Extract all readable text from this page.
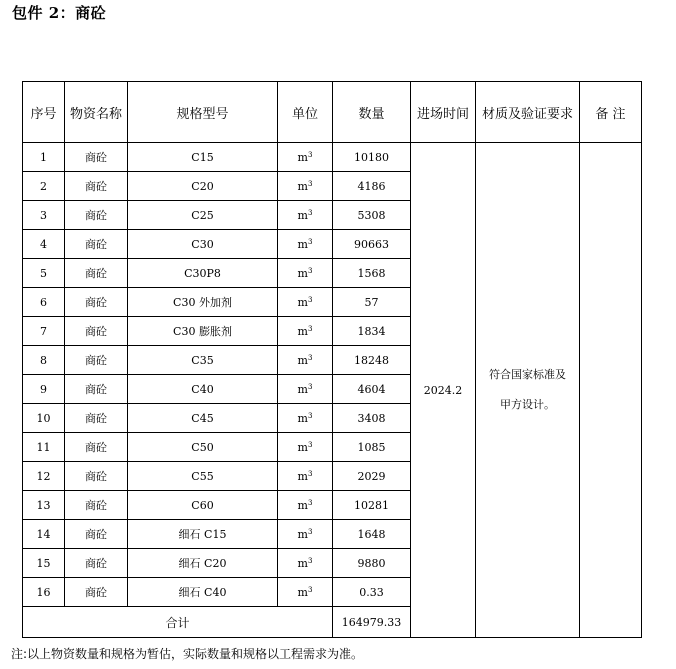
包件 2：商砼
序号	物资名称	规格型号	单位	数量	进场时间	材质及验证要求	备 注
1	商砼	C15	$m^3$	10180	2024.2	符合国家标准及
甲方设计。	

2	商砼	C20	$m^3$	4186			
3	商砼	C25	$m^3$	5308			
4	商砼	C30	$m^3$	90663			
5	商砼	C30P8	$m^3$	1568			
6	商砼	C30 外加剂	$m^3$	57			
7	商砼	C30 膨胀剂	$m^3$	1834			
8	商砼	C35	$m^3$	18248			
9	商砼	C40	$m^3$	4604			
10	商砼	C45	$m^3$	3408			
11	商砼	C50	$m^3$	1085			
12	商砼	C55	$m^3$	2029			
13	商砼	C60	$m^3$	10281			
14	商砼	细石 C15	$m^3$	1648			
15	商砼	细石 C20	$m^3$	9880			
16	商砼	细石 C40	$m^3$	0.33			
合计				164979.33			
注:以上物资数量和规格为暂估，实际数量和规格以工程需求为准。
